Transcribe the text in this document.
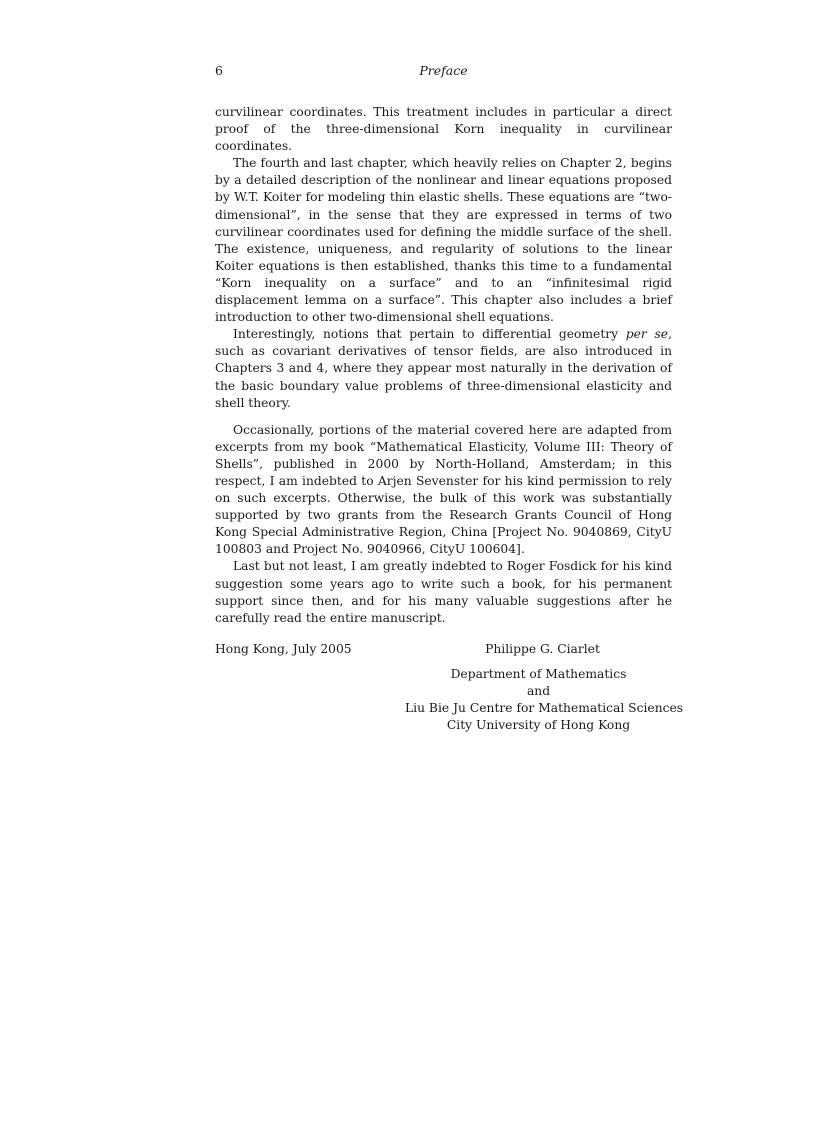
6	Preface

curvilinear coordinates. This treatment includes in particular a direct proof of the three-dimensional Korn inequality in curvilinear coordinates.

The fourth and last chapter, which heavily relies on Chapter 2, begins by a detailed description of the nonlinear and linear equations proposed by W.T. Koiter for modeling thin elastic shells. These equations are “two-dimensional”, in the sense that they are expressed in terms of two curvilinear coordinates used for defining the middle surface of the shell. The existence, uniqueness, and regularity of solutions to the linear Koiter equations is then established, thanks this time to a fundamental “Korn inequality on a surface” and to an “infinitesimal rigid displacement lemma on a surface”. This chapter also includes a brief introduction to other two-dimensional shell equations.

Interestingly, notions that pertain to differential geometry per se, such as covariant derivatives of tensor fields, are also introduced in Chapters 3 and 4, where they appear most naturally in the derivation of the basic boundary value problems of three-dimensional elasticity and shell theory.

Occasionally, portions of the material covered here are adapted from excerpts from my book “Mathematical Elasticity, Volume III: Theory of Shells”, published in 2000 by North-Holland, Amsterdam; in this respect, I am indebted to Arjen Sevenster for his kind permission to rely on such excerpts. Otherwise, the bulk of this work was substantially supported by two grants from the Research Grants Council of Hong Kong Special Administrative Region, China [Project No. 9040869, CityU 100803 and Project No. 9040966, CityU 100604].

Last but not least, I am greatly indebted to Roger Fosdick for his kind suggestion some years ago to write such a book, for his permanent support since then, and for his many valuable suggestions after he carefully read the entire manuscript.

Hong Kong, July 2005	Philippe G. Ciarlet
Department of Mathematics
and
Liu Bie Ju Centre for Mathematical Sciences
City University of Hong Kong
